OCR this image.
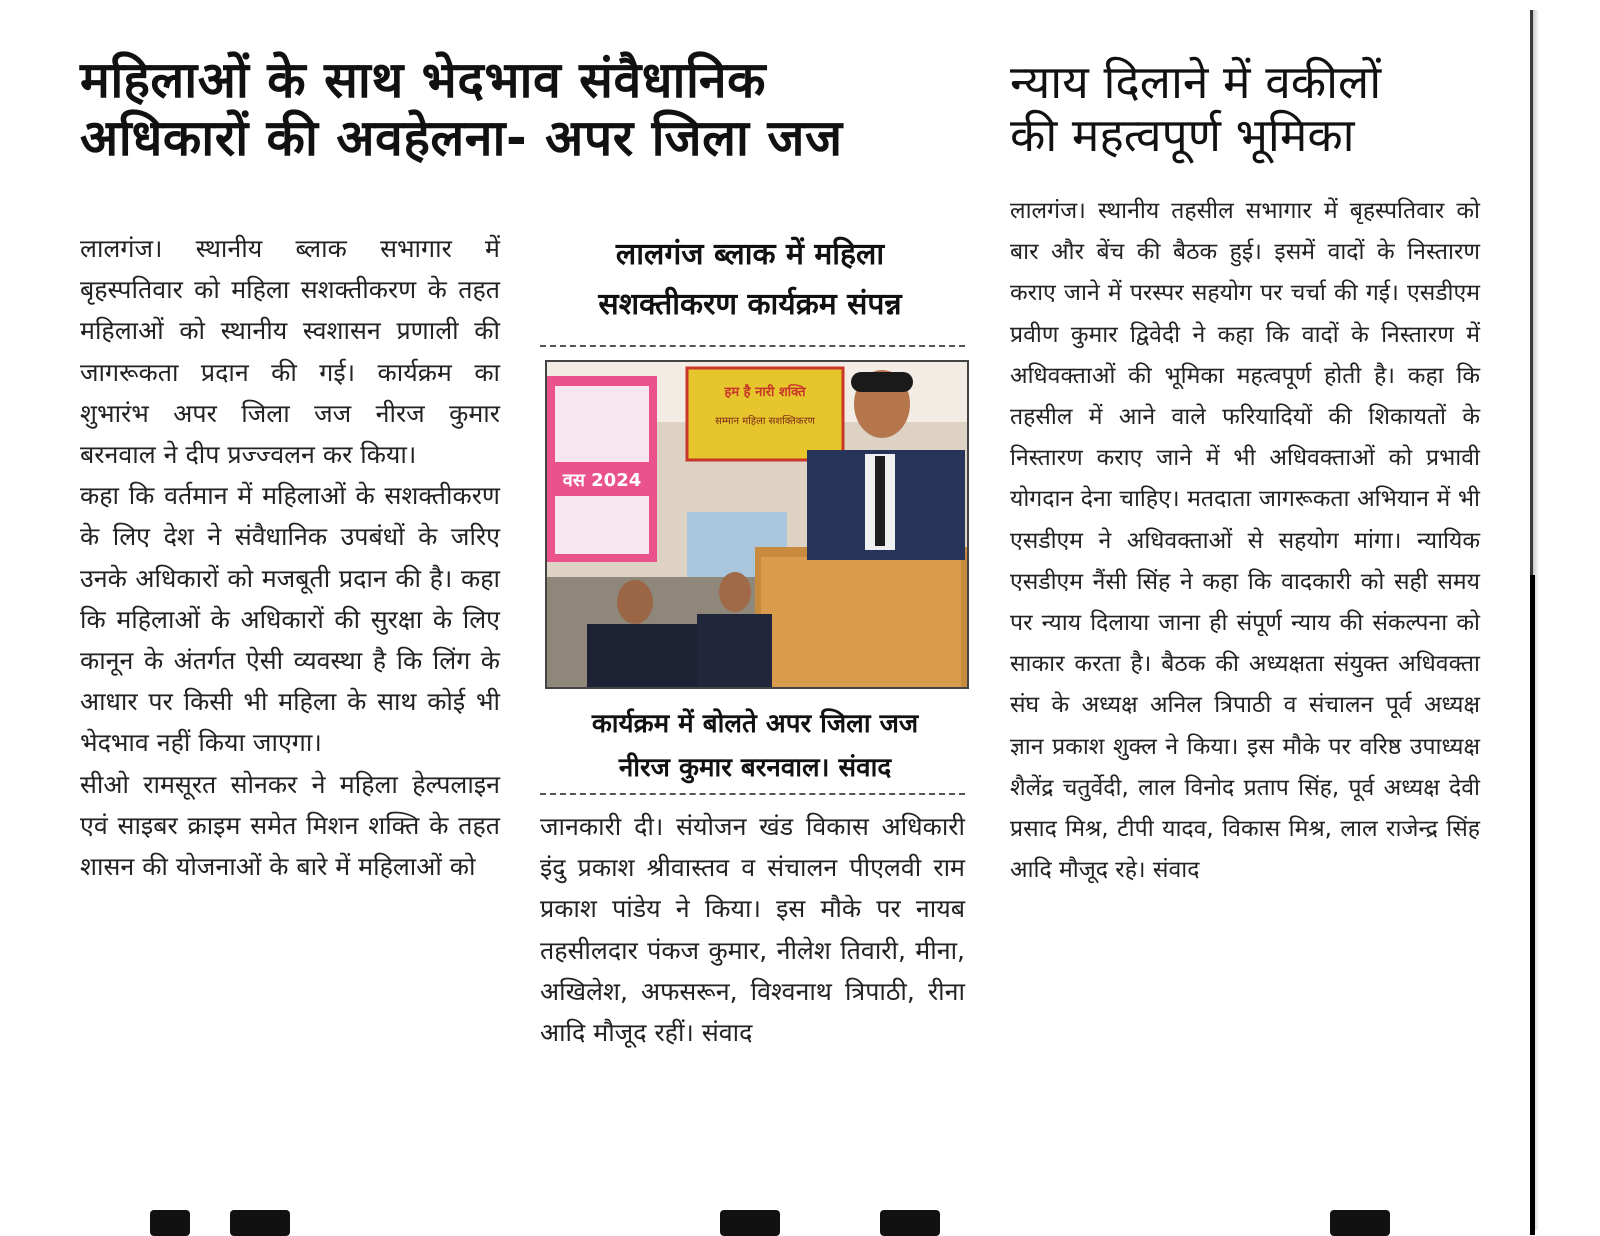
महिलाओं के साथ भेदभाव संवैधानिक
अधिकारों की अवहेलना- अपर जिला जज
न्याय दिलाने में वकीलों
की महत्वपूर्ण भूमिका

लालगंज। स्थानीय ब्लाक सभागार में बृहस्पतिवार को महिला सशक्तीकरण के तहत महिलाओं को स्थानीय स्वशासन प्रणाली की जागरूकता प्रदान की गई। कार्यक्रम का शुभारंभ अपर जिला जज नीरज कुमार बरनवाल ने दीप प्रज्ज्वलन कर किया।

कहा कि वर्तमान में महिलाओं के सशक्तीकरण के लिए देश ने संवैधानिक उपबंधों के जरिए उनके अधिकारों को मजबूती प्रदान की है। कहा कि महिलाओं के अधिकारों की सुरक्षा के लिए कानून के अंतर्गत ऐसी व्यवस्था है कि लिंग के आधार पर किसी भी महिला के साथ कोई भी भेदभाव नहीं किया जाएगा।

सीओ रामसूरत सोनकर ने महिला हेल्पलाइन एवं साइबर क्राइम समेत मिशन शक्ति के तहत शासन की योजनाओं के बारे में महिलाओं को

लालगंज ब्लाक में महिला
सशक्तीकरण कार्यक्रम संपन्न
वस 2024
हम है नारी शक्ति
सम्मान महिला सशक्तिकरण

कार्यक्रम में बोलते अपर जिला जज
नीरज कुमार बरनवाल। संवाद

जानकारी दी। संयोजन खंड विकास अधिकारी इंदु प्रकाश श्रीवास्तव व संचालन पीएलवी राम प्रकाश पांडेय ने किया। इस मौके पर नायब तहसीलदार पंकज कुमार, नीलेश तिवारी, मीना, अखिलेश, अफसरून, विश्वनाथ त्रिपाठी, रीना आदि मौजूद रहीं। संवाद

लालगंज। स्थानीय तहसील सभागार में बृहस्पतिवार को बार और बेंच की बैठक हुई। इसमें वादों के निस्तारण कराए जाने में परस्पर सहयोग पर चर्चा की गई। एसडीएम प्रवीण कुमार द्विवेदी ने कहा कि वादों के निस्तारण में अधिवक्ताओं की भूमिका महत्वपूर्ण होती है। कहा कि तहसील में आने वाले फरियादियों की शिकायतों के निस्तारण कराए जाने में भी अधिवक्ताओं को प्रभावी योगदान देना चाहिए। मतदाता जागरूकता अभियान में भी एसडीएम ने अधिवक्ताओं से सहयोग मांगा। न्यायिक एसडीएम नैंसी सिंह ने कहा कि वादकारी को सही समय पर न्याय दिलाया जाना ही संपूर्ण न्याय की संकल्पना को साकार करता है। बैठक की अध्यक्षता संयुक्त अधिवक्ता संघ के अध्यक्ष अनिल त्रिपाठी व संचालन पूर्व अध्यक्ष ज्ञान प्रकाश शुक्ल ने किया। इस मौके पर वरिष्ठ उपाध्यक्ष शैलेंद्र चतुर्वेदी, लाल विनोद प्रताप सिंह, पूर्व अध्यक्ष देवी प्रसाद मिश्र, टीपी यादव, विकास मिश्र, लाल राजेन्द्र सिंह आदि मौजूद रहे। संवाद
